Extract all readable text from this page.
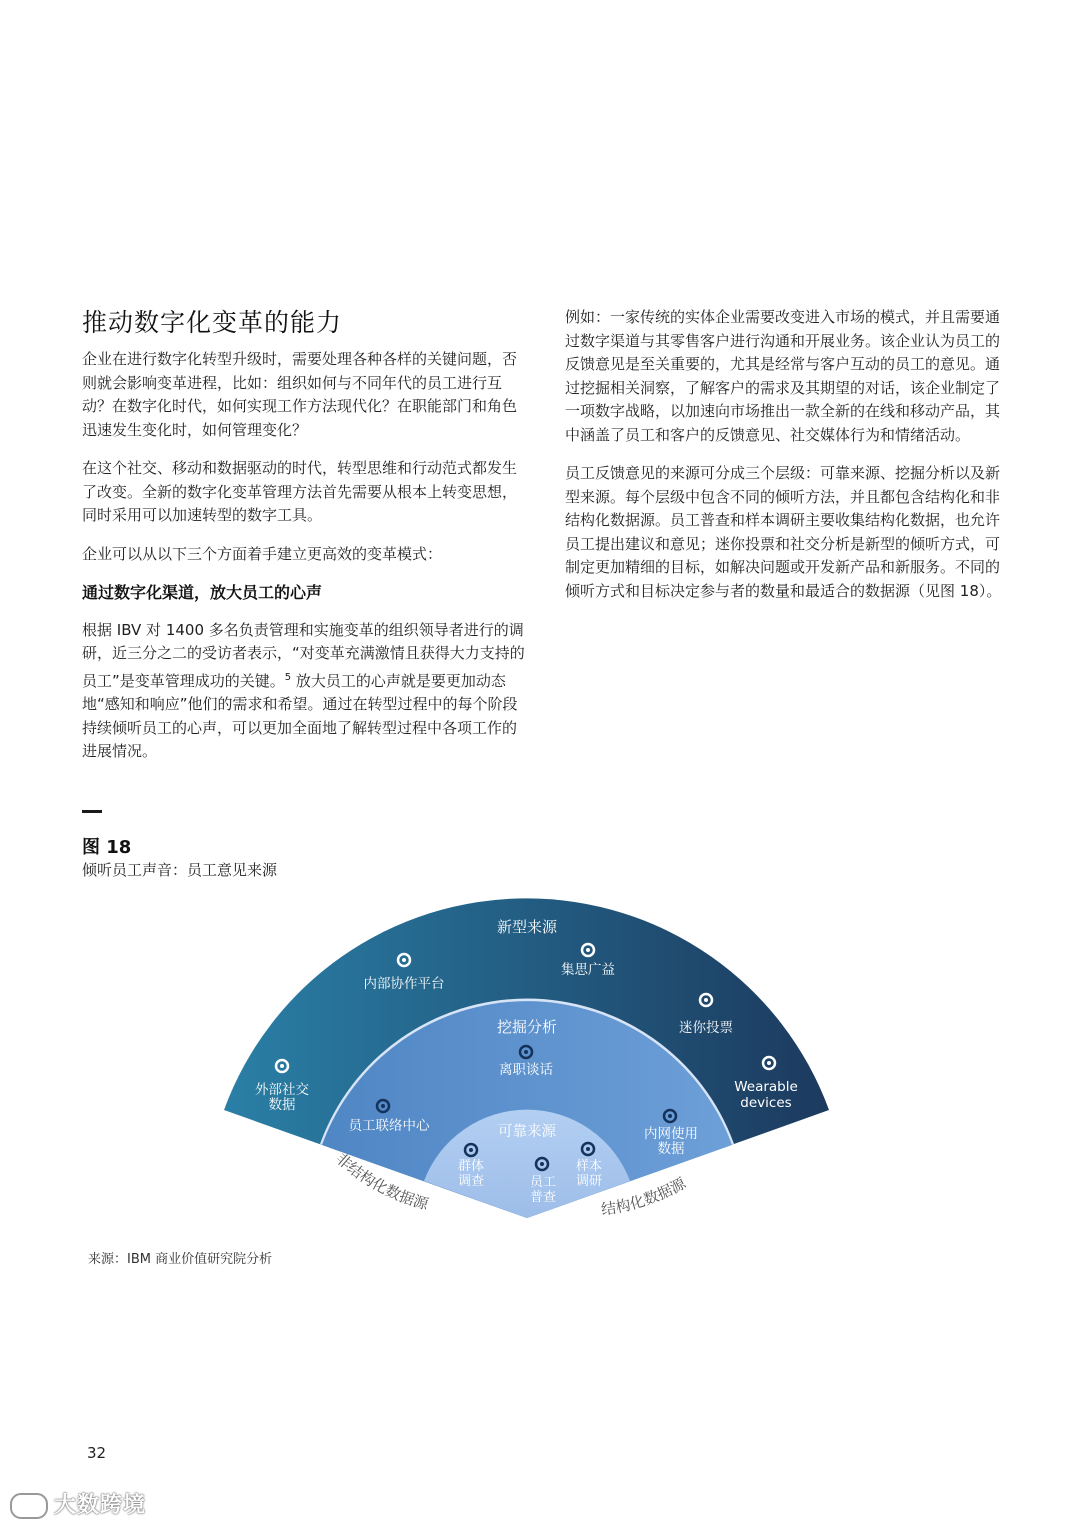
推动数字化变革的能力

企业在进行数字化转型升级时，需要处理各种各样的关键问题，否则就会影响变革进程，比如：组织如何与不同年代的员工进行互动？在数字化时代，如何实现工作方法现代化？在职能部门和角色迅速发生变化时，如何管理变化？

在这个社交、移动和数据驱动的时代，转型思维和行动范式都发生了改变。全新的数字化变革管理方法首先需要从根本上转变思想，同时采用可以加速转型的数字工具。

企业可以从以下三个方面着手建立更高效的变革模式：

通过数字化渠道，放大员工的心声

根据 IBV 对 1400 多名负责管理和实施变革的组织领导者进行的调研，近三分之二的受访者表示，“对变革充满激情且获得大力支持的员工”是变革管理成功的关键。$^5$ 放大员工的心声就是要更加动态地“感知和响应”他们的需求和希望。通过在转型过程中的每个阶段持续倾听员工的心声，可以更加全面地了解转型过程中各项工作的进展情况。

例如：一家传统的实体企业需要改变进入市场的模式，并且需要通过数字渠道与其零售客户进行沟通和开展业务。该企业认为员工的反馈意见是至关重要的，尤其是经常与客户互动的员工的意见。通过挖掘相关洞察，了解客户的需求及其期望的对话，该企业制定了一项数字战略，以加速向市场推出一款全新的在线和移动产品，其中涵盖了员工和客户的反馈意见、社交媒体行为和情绪活动。

员工反馈意见的来源可分成三个层级：可靠来源、挖掘分析以及新型来源。每个层级中包含不同的倾听方法，并且都包含结构化和非结构化数据源。员工普查和样本调研主要收集结构化数据，也允许员工提出建议和意见；迷你投票和社交分析是新型的倾听方式，可制定更加精细的目标，如解决问题或开发新产品和新服务。不同的倾听方式和目标决定参与者的数量和最适合的数据源（见图 18）。

图 18
倾听员工声音：员工意见来源
新型来源
内部协作平台
集思广益
迷你投票
外部社交
数据
Wearable
devices
挖掘分析
离职谈话
员工联络中心	内网使用
数据
可靠来源
群体
调查	员工
普查
样本
调研
非结构化数据源	结构化数据源
来源：IBM 商业价值研究院分析
32
大数跨境
